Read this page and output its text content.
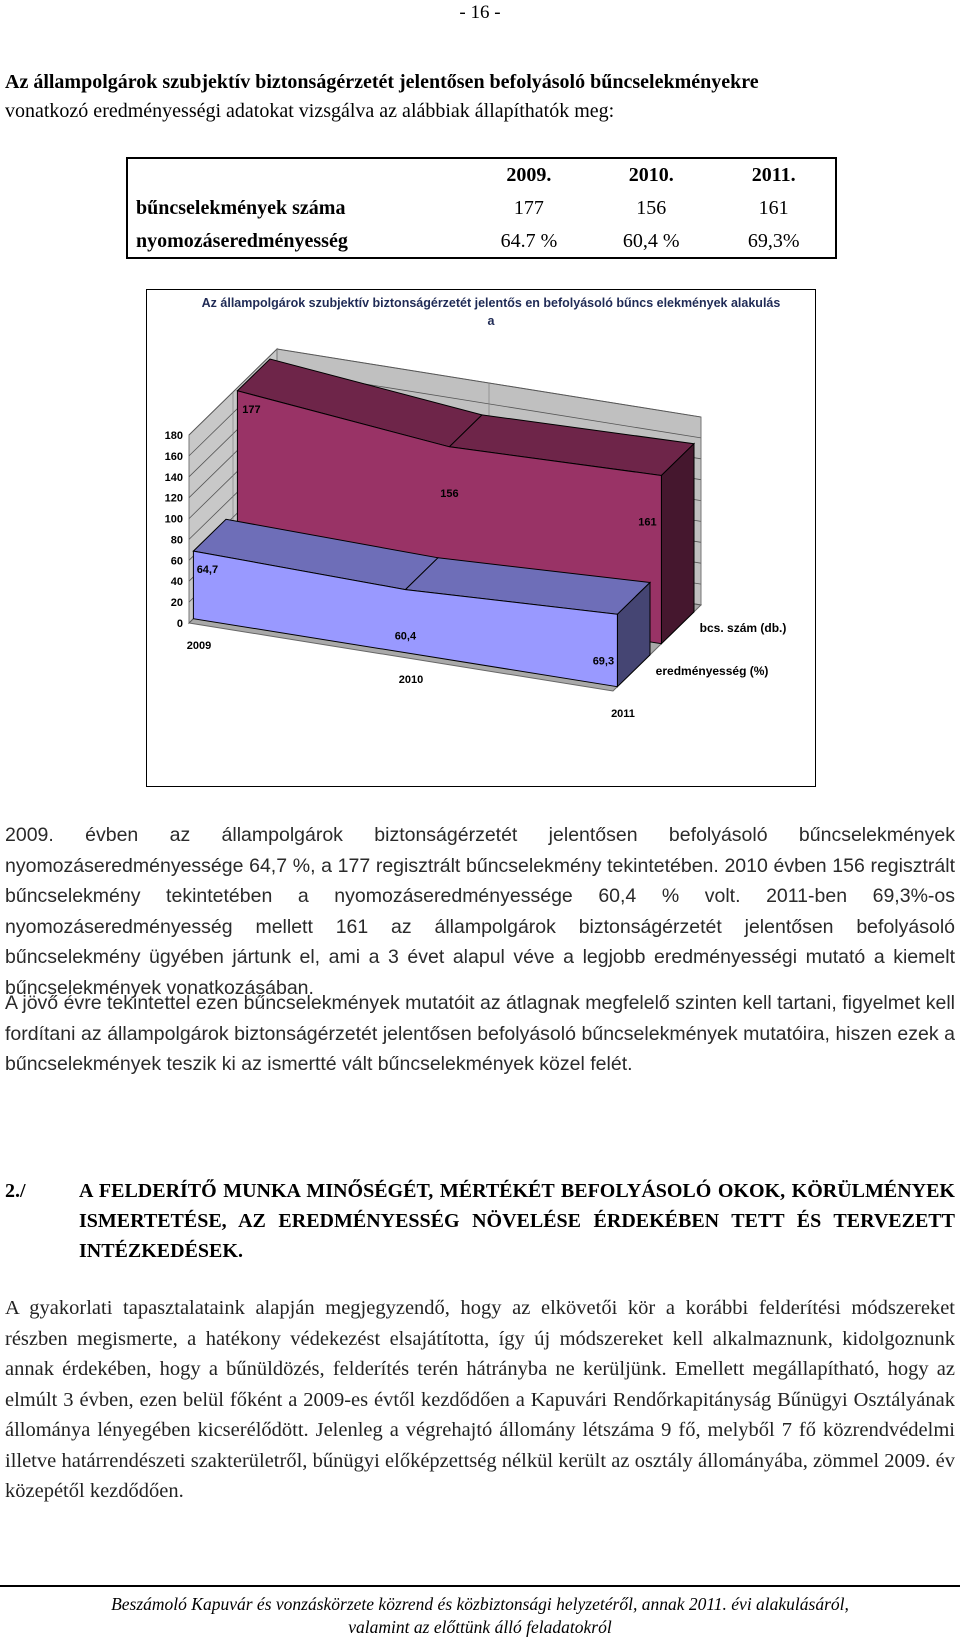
- 16 -

Az állampolgárok szubjektív biztonságérzetét jelentősen befolyásoló bűncselekményekre
vonatkozó eredményességi adatokat vizsgálva az alábbiak állapíthatók meg:

	2009.	2010.	2011.
bűncselekmények száma	177	156	161
nyomozáseredményesség	64.7 %	60,4 %	69,3%
Az állampolgárok szubjektív biztonságérzetét jelentős en befolyásoló bűncs elekmények alakulás
a
0
20
40
60
80
100
120
140
160
180
177
156
161
bcs. szám (db.)
64,7
60,4
69,3
eredményesség (%)
2009
2010
2011

2009. évben az állampolgárok biztonságérzetét jelentősen befolyásoló bűncselekmények nyomozáseredményessége 64,7 %, a 177 regisztrált bűncselekmény tekintetében. 2010 évben 156 regisztrált bűncselekmény tekintetében a nyomozáseredményessége 60,4 % volt. 2011-ben 69,3%-os nyomozáseredményesség mellett 161 az állampolgárok biztonságérzetét jelentősen befolyásoló bűncselekmény ügyében jártunk el, ami a 3 évet alapul véve a legjobb eredményességi mutató a kiemelt bűncselekmények vonatkozásában.

A jövő évre tekintettel ezen bűncselekmények mutatóit az átlagnak megfelelő szinten kell tartani, figyelmet kell fordítani az állampolgárok biztonságérzetét jelentősen befolyásoló bűncselekmények mutatóira, hiszen ezek a bűncselekmények teszik ki az ismertté vált bűncselekmények közel felét.

2./	A FELDERÍTŐ MUNKA MINŐSÉGÉT, MÉRTÉKÉT BEFOLYÁSOLÓ OKOK, KÖRÜLMÉNYEK ISMERTETÉSE, AZ EREDMÉNYESSÉG NÖVELÉSE ÉRDEKÉBEN TETT ÉS TERVEZETT INTÉZKEDÉSEK.

A gyakorlati tapasztalataink alapján megjegyzendő, hogy az elkövetői kör a korábbi felderítési módszereket részben megismerte, a hatékony védekezést elsajátította, így új módszereket kell alkalmaznunk, kidolgoznunk annak érdekében, hogy a bűnüldözés, felderítés terén hátrányba ne kerüljünk. Emellett megállapítható, hogy az elmúlt 3 évben, ezen belül főként a 2009-es évtől kezdődően a Kapuvári Rendőrkapitányság Bűnügyi Osztályának állománya lényegében kicserélődött. Jelenleg a végrehajtó állomány létszáma 9 fő, melyből 7 fő közrendvédelmi illetve határrendészeti szakterületről, bűnügyi előképzettség nélkül került az osztály állományába, zömmel 2009. év közepétől kezdődően.

Beszámoló Kapuvár és vonzáskörzete közrend és közbiztonsági helyzetéről, annak 2011. évi alakulásáról,
valamint az előttünk álló feladatokról
